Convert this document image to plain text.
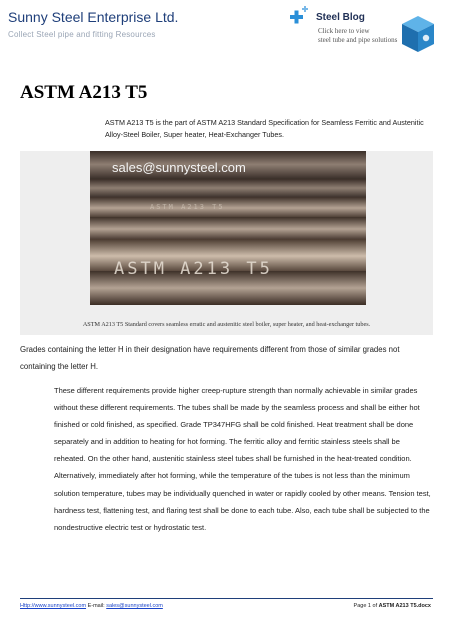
Sunny Steel Enterprise Ltd.
Collect Steel pipe and fitting Resources
Steel Blog
Click here to view
steel tube and pipe solutions
ASTM A213 T5

ASTM A213 T5 is the part of ASTM A213 Standard Specification for Seamless Ferritic and Austenitic Alloy-Steel Boiler, Super heater, Heat-Exchanger Tubes.

ASTM A213 T5
ASTM A213 T5
sales@sunnysteel.com
ASTM A213 T5 Standard covers seamless erratic and austenitic steel boiler, super heater, and heat-exchanger tubes.

Grades containing the letter H in their designation have requirements different from those of similar grades not containing the letter H.

These different requirements provide higher creep-rupture strength than normally achievable in similar grades without these different requirements. The tubes shall be made by the seamless process and shall be either hot finished or cold finished, as specified. Grade TP347HFG shall be cold finished. Heat treatment shall be done separately and in addition to heating for hot forming. The ferritic alloy and ferritic stainless steels shall be reheated. On the other hand, austenitic stainless steel tubes shall be furnished in the heat-treated condition. Alternatively, immediately after hot forming, while the temperature of the tubes is not less than the minimum solution temperature, tubes may be individually quenched in water or rapidly cooled by other means. Tension test, hardness test, flattening test, and flaring test shall be done to each tube. Also, each tube shall be subjected to the nondestructive electric test or hydrostatic test.

Http://www.sunnysteel.com E-mail: sales@sunnysteel.com	Page 1 of ASTM A213 T5.docx
